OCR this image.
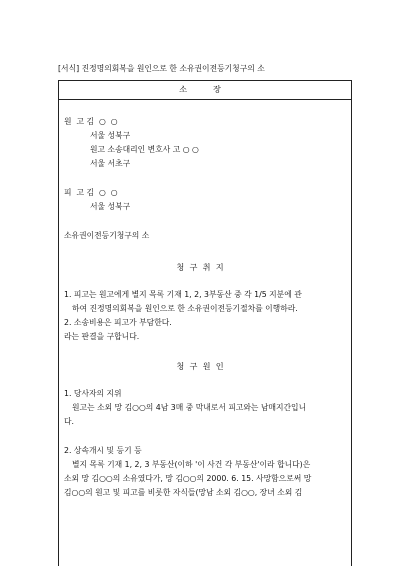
[서식] 진정명의회복을 원인으로 한 소유권이전등기청구의 소
소          장
원  고 김  ○  ○
서울 성북구
원고 소송대리인 변호사 고 ○ ○
서울 서초구
피  고 김  ○  ○
서울 성북구
소유권이전등기청구의 소
청  구  취  지
1. 피고는 원고에게 별지 목록 기재 1, 2, 3부동산 중 각 1/5 지분에 관
하여 진정명의회복을 원인으로 한 소유권이전등기절차를 이행하라.
2. 소송비용은 피고가 부담한다.
라는 판결을 구합니다.
청  구  원  인
1. 당사자의 지위
원고는 소외 망 김○○의 4남 3매 중 막내로서 피고와는 남매지간입니
다.
2. 상속개시 및 등기 등
별지 목록 기재 1, 2, 3 부동산(이하 '이 사건 각 부동산'이라 합니다)은
소외 망 김○○의 소유였다가, 망 김○○의 2000. 6. 15. 사망함으로써 망
김○○의 원고 및 피고를 비롯한 자식들(망남 소외 김○○, 장녀 소외 김
